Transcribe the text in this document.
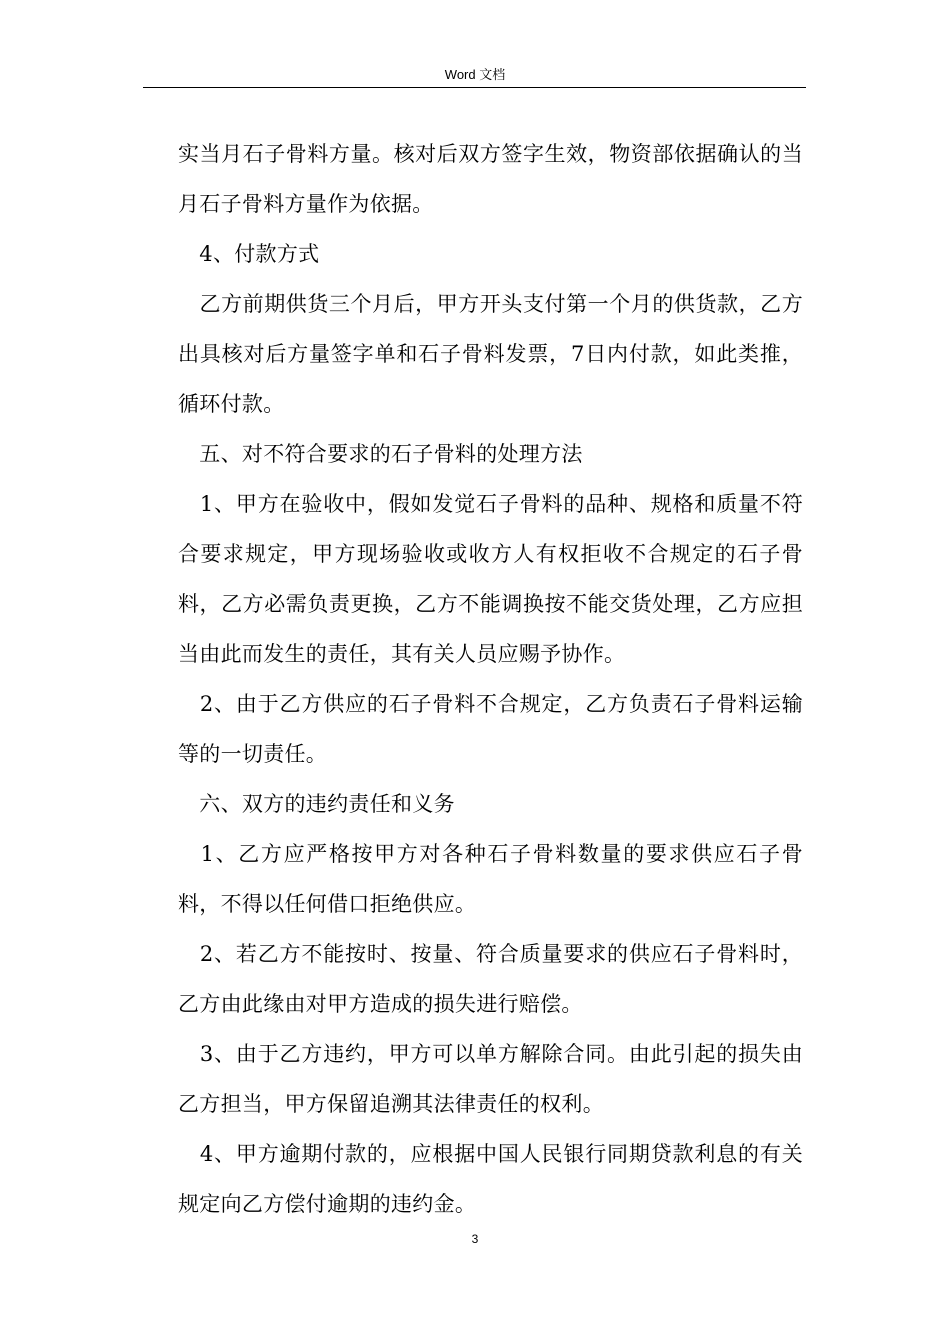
Word 文档

实当月石子骨料方量。核对后双方签字生效，物资部依据确认的当月石子骨料方量作为依据。

　4、付款方式

　乙方前期供货三个月后，甲方开头支付第一个月的供货款，乙方出具核对后方量签字单和石子骨料发票，7日内付款，如此类推，循环付款。

　五、对不符合要求的石子骨料的处理方法

　1、甲方在验收中，假如发觉石子骨料的品种、规格和质量不符合要求规定，甲方现场验收或收方人有权拒收不合规定的石子骨料，乙方必需负责更换，乙方不能调换按不能交货处理，乙方应担当由此而发生的责任，其有关人员应赐予协作。

　2、由于乙方供应的石子骨料不合规定，乙方负责石子骨料运输等的一切责任。

　六、双方的违约责任和义务

　1、乙方应严格按甲方对各种石子骨料数量的要求供应石子骨料，不得以任何借口拒绝供应。

　2、若乙方不能按时、按量、符合质量要求的供应石子骨料时，乙方由此缘由对甲方造成的损失进行赔偿。

　3、由于乙方违约，甲方可以单方解除合同。由此引起的损失由乙方担当，甲方保留追溯其法律责任的权利。

　4、甲方逾期付款的，应根据中国人民银行同期贷款利息的有关规定向乙方偿付逾期的违约金。

3
